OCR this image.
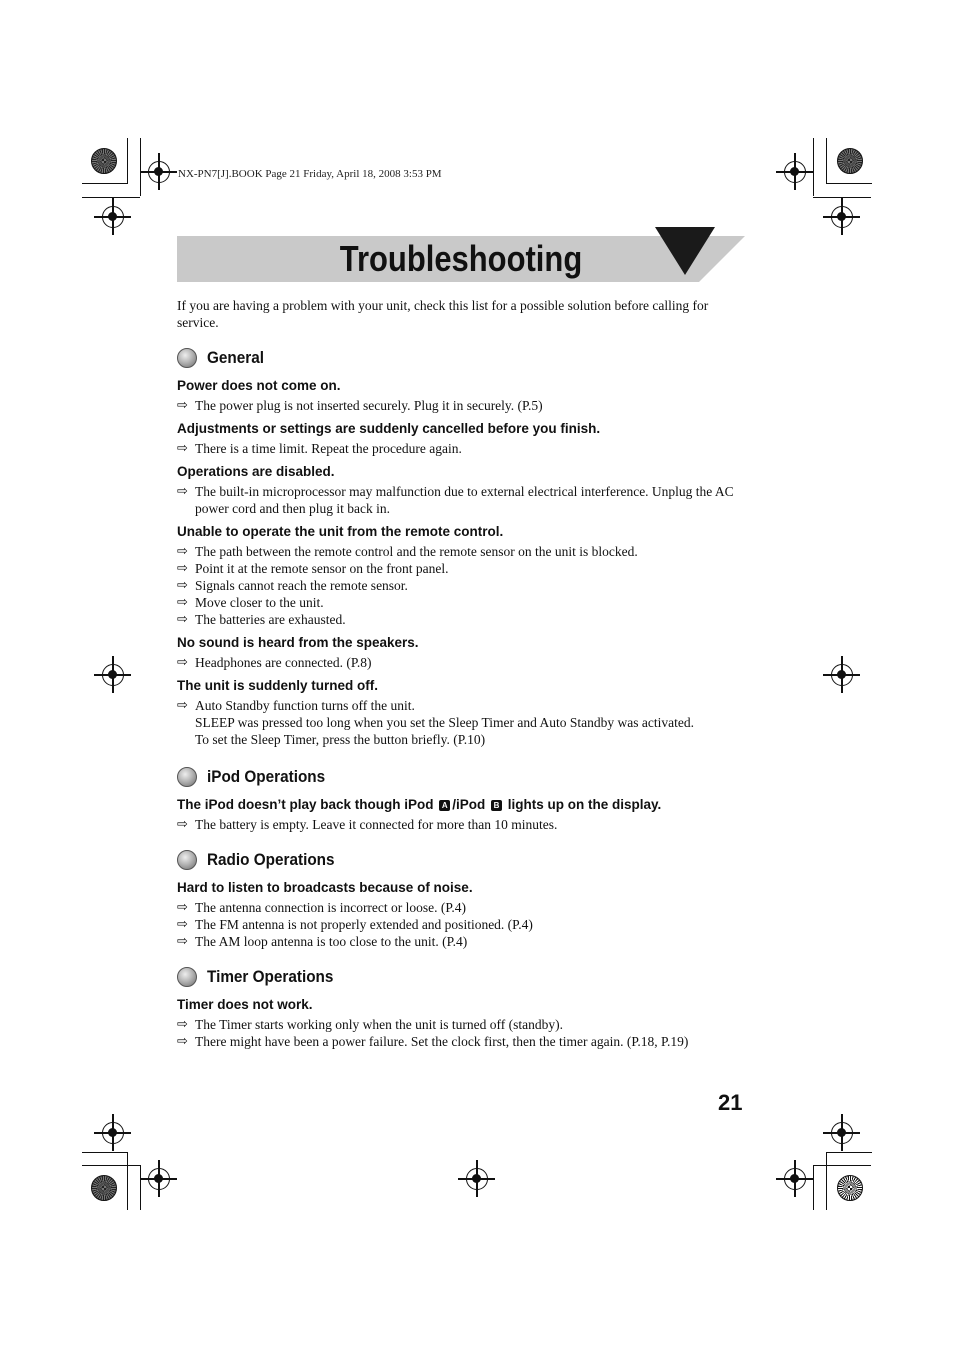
NX-PN7[J].BOOK Page 21 Friday, April 18, 2008 3:53 PM
Troubleshooting

If you are having a problem with your unit, check this list for a possible solution before calling for service.

General
Power does not come on.
⇨ The power plug is not inserted securely. Plug it in securely. (P.5)
Adjustments or settings are suddenly cancelled before you finish.
⇨ There is a time limit. Repeat the procedure again.
Operations are disabled.
⇨ The built-in microprocessor may malfunction due to external electrical interference. Unplug the AC power cord and then plug it back in.
Unable to operate the unit from the remote control.
⇨ The path between the remote control and the remote sensor on the unit is blocked.
⇨ Point it at the remote sensor on the front panel.
⇨ Signals cannot reach the remote sensor.
⇨ Move closer to the unit.
⇨ The batteries are exhausted.
No sound is heard from the speakers.
⇨ Headphones are connected. (P.8)
The unit is suddenly turned off.
⇨ Auto Standby function turns off the unit.
SLEEP was pressed too long when you set the Sleep Timer and Auto Standby was activated.
To set the Sleep Timer, press the button briefly. (P.10)
iPod Operations
The iPod doesn’t play back though iPod A /iPod B lights up on the display.
⇨ The battery is empty. Leave it connected for more than 10 minutes.
Radio Operations
Hard to listen to broadcasts because of noise.
⇨ The antenna connection is incorrect or loose. (P.4)
⇨ The FM antenna is not properly extended and positioned. (P.4)
⇨ The AM loop antenna is too close to the unit. (P.4)
Timer Operations
Timer does not work.
⇨ The Timer starts working only when the unit is turned off (standby).
⇨ There might have been a power failure. Set the clock first, then the timer again. (P.18, P.19)
21
